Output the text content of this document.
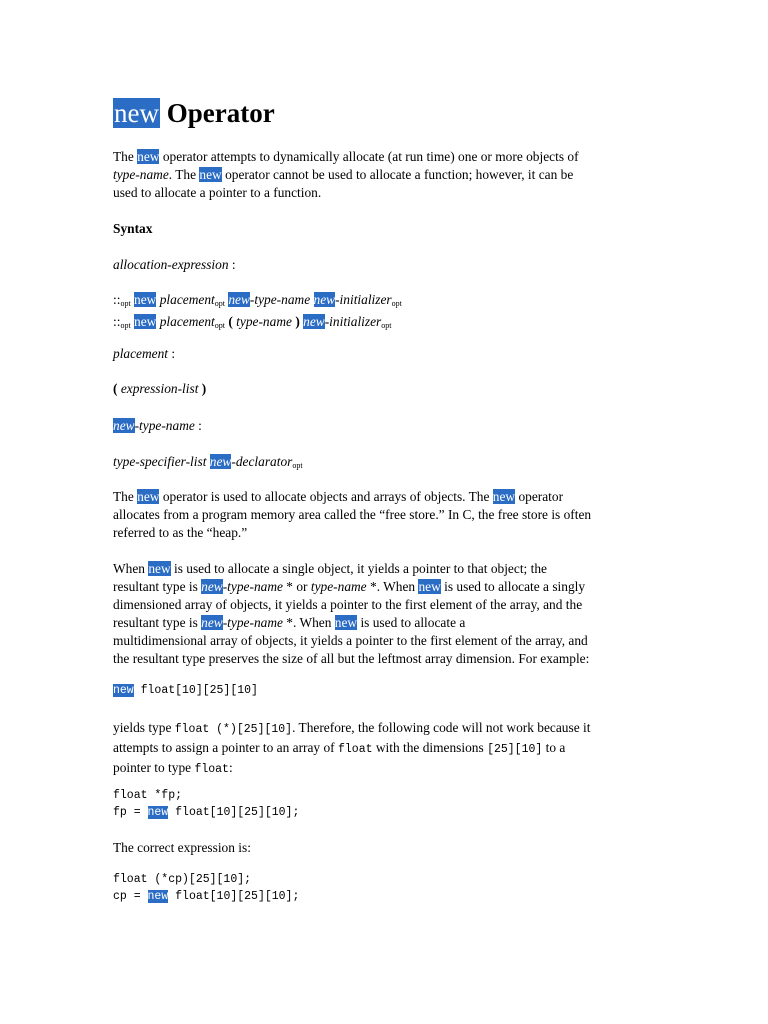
new Operator
The new operator attempts to dynamically allocate (at run time) one or more objects of
type-name. The new operator cannot be used to allocate a function; however, it can be
used to allocate a pointer to a function.
Syntax
allocation-expression :
$::_{opt}$ new placement$_{opt}$ new-type-name new-initializer$_{opt}$
$::_{opt}$ new placement$_{opt}$ ( type-name ) new-initializer$_{opt}$
placement :
( expression-list )
new-type-name :
type-specifier-list new-declarator$_{opt}$
The new operator is used to allocate objects and arrays of objects. The new operator
allocates from a program memory area called the “free store.” In C, the free store is often
referred to as the “heap.”
When new is used to allocate a single object, it yields a pointer to that object; the
resultant type is new-type-name * or type-name *. When new is used to allocate a singly
dimensioned array of objects, it yields a pointer to the first element of the array, and the
resultant type is new-type-name *. When new is used to allocate a
multidimensional array of objects, it yields a pointer to the first element of the array, and
the resultant type preserves the size of all but the leftmost array dimension. For example:
new float[10][25][10]
yields type float (*)[25][10]. Therefore, the following code will not work because it
attempts to assign a pointer to an array of float with the dimensions [25][10] to a
pointer to type float:
float *fp;
fp = new float[10][25][10];
The correct expression is:
float (*cp)[25][10];
cp = new float[10][25][10];
